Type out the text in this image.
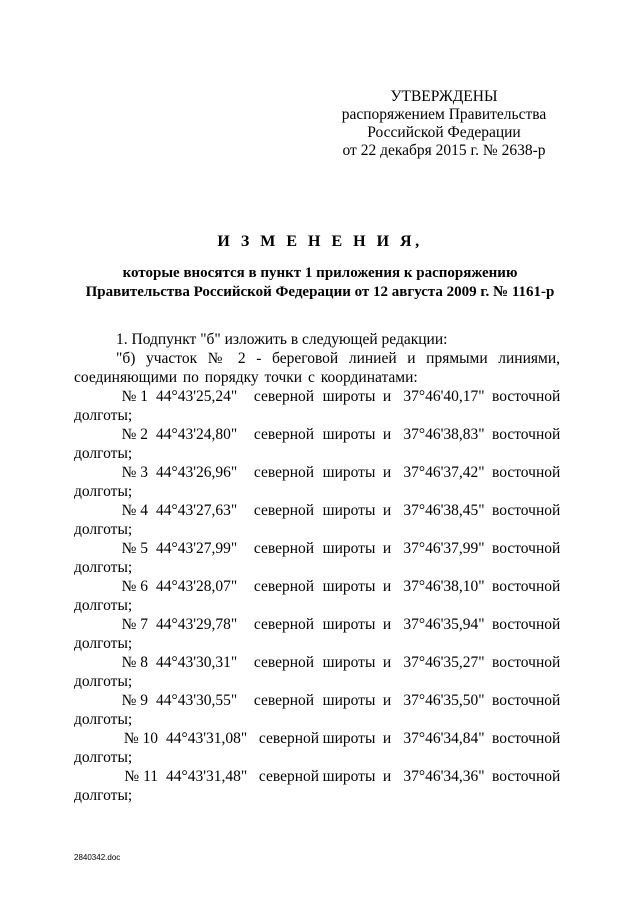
УТВЕРЖДЕНЫ
распоряжением Правительства
Российской Федерации
от 22 декабря 2015 г. № 2638-р
И З М Е Н Е Н И Я,
которые вносятся в пункт 1 приложения к распоряжению
Правительства Российской Федерации от 12 августа 2009 г. № 1161-р
1. Подпункт "б" изложить в следующей редакции:
"б) участок № 2 - береговой линией и прямыми линиями, соединяющими по порядку точки с координатами:
№ 1 44°43'25,24"	северной широты и 37°46'40,17" восточной
долготы;
№ 2 44°43'24,80"	северной широты и 37°46'38,83" восточной
долготы;
№ 3 44°43'26,96"	северной широты и 37°46'37,42" восточной
долготы;
№ 4 44°43'27,63"	северной широты и 37°46'38,45" восточной
долготы;
№ 5 44°43'27,99"	северной широты и 37°46'37,99" восточной
долготы;
№ 6 44°43'28,07"	северной широты и 37°46'38,10" восточной
долготы;
№ 7 44°43'29,78"	северной широты и 37°46'35,94" восточной
долготы;
№ 8 44°43'30,31"	северной широты и 37°46'35,27" восточной
долготы;
№ 9 44°43'30,55"	северной широты и 37°46'35,50" восточной
долготы;
№ 10 44°43'31,08" северной широты и 37°46'34,84" восточной
долготы;
№ 11 44°43'31,48" северной широты и 37°46'34,36" восточной
долготы;
2840342.doc
